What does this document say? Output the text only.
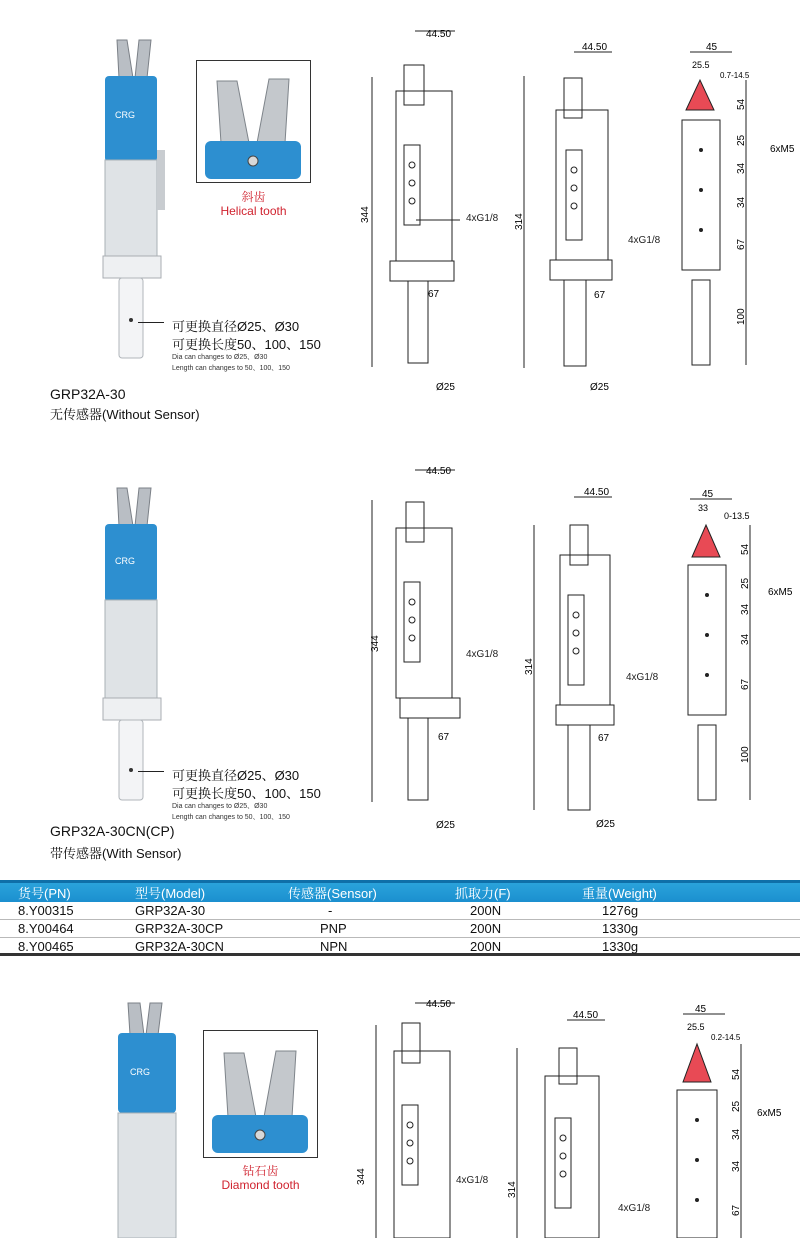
CRG
斜齿
Helical tooth
可更换直径Ø25、Ø30
可更换长度50、100、150
Dia can changes to Ø25、Ø30
Length can changes to 50、100、150
GRP32A-30
无传感器(Without Sensor)
44.50
344
67
Ø25
4xG1/8
44.50
314
67
Ø25
4xG1/8
45
25.5
0.7-14.5
54
25
34
34
67
100
6xM5
CRG
可更换直径Ø25、Ø30
可更换长度50、100、150
Dia can changes to Ø25、Ø30
Length can changes to 50、100、150
GRP32A-30CN(CP)
带传感器(With Sensor)
44.50
344
67
Ø25
4xG1/8
44.50
314
67
Ø25
4xG1/8
45
33
0-13.5
54
25
34
34
67
100
6xM5
货号(PN)	型号(Model)	传感器(Sensor)	抓取力(F)	重量(Weight)
8.Y00315	GRP32A-30	-	200N	1276g
8.Y00464	GRP32A-30CP	PNP	200N	1330g
8.Y00465	GRP32A-30CN	NPN	200N	1330g
CRG
钻石齿
Diamond tooth
44.50
344	4xG1/8
44.50
314
4xG1/8
45
25.5
0.2-14.5
54
25
34
34
67
6xM5
